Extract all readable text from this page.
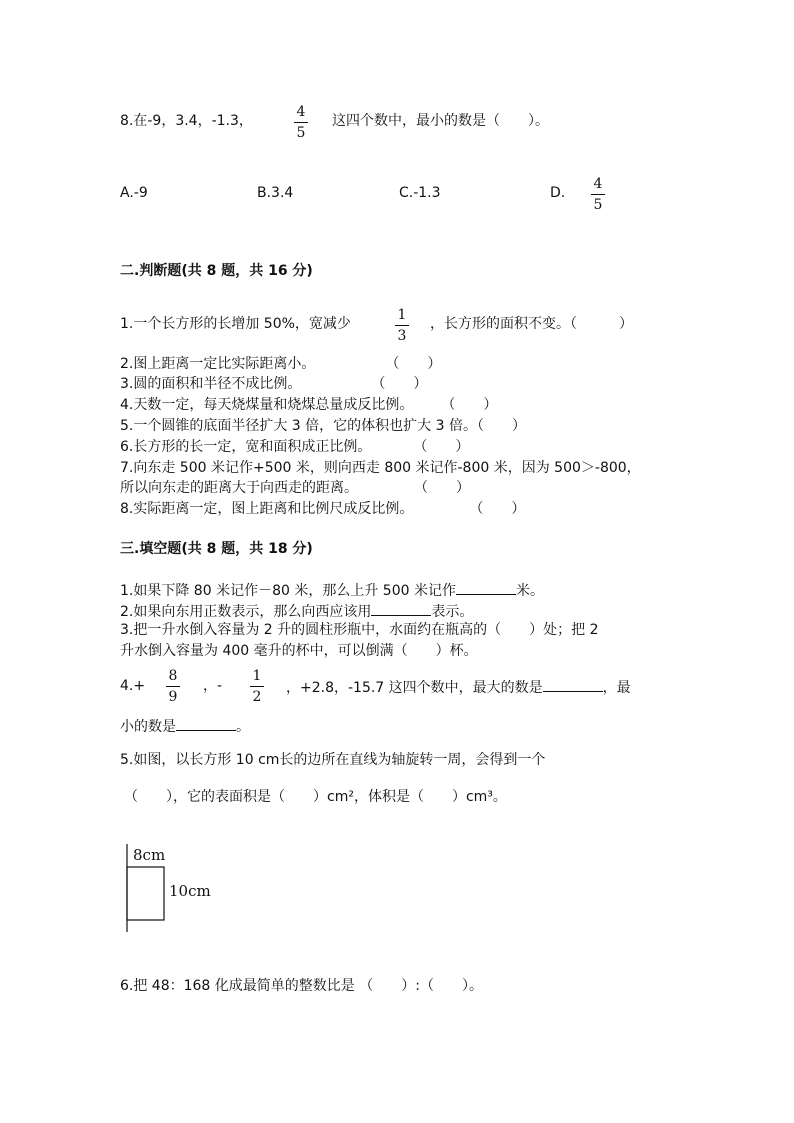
8.在-9，3.4，-1.3，
4
5
这四个数中，最小的数是（　　）。
A.-9	B.3.4	C.-1.3	D.
4
5
二.判断题(共 8 题，共 16 分)
1.一个长方形的长增加 50%，宽减少
1
3
，长方形的面积不变。（　　　）
2.图上距离一定比实际距离小。　　　　　　（　　）
3.圆的面积和半径不成比例。　　　　　　（　　）
4.天数一定，每天烧煤量和烧煤总量成反比例。　　　（　　）
5.一个圆锥的底面半径扩大 3 倍，它的体积也扩大 3 倍。（　　）
6.长方形的长一定，宽和面积成正比例。　　　　（　　）
7.向东走 500 米记作+500 米，则向西走 800 米记作-800 米，因为 500＞-800，
所以向东走的距离大于向西走的距离。　　　　　（　　）
8.实际距离一定，图上距离和比例尺成反比例。　　　　　（　　）
三.填空题(共 8 题，共 18 分)
1.如果下降 80 米记作－80 米，那么上升 500 米记作	米。
2.如果向东用正数表示，那么向西应该用	表示。
3.把一升水倒入容量为 2 升的圆柱形瓶中，水面约在瓶高的（　　）处；把 2
升水倒入容量为 400 毫升的杯中，可以倒满（　　）杯。
4.+
8
9
，-
1
2
，+2.8，-15.7 这四个数中，最大的数是	，最
小的数是	。
5.如图，以长方形 10 cm长的边所在直线为轴旋转一周，会得到一个
（　　），它的表面积是（　　）cm²，体积是（　　）cm³。
8cm
10cm
6.把 48：168 化成最简单的整数比是 （　　）:（　　）。
